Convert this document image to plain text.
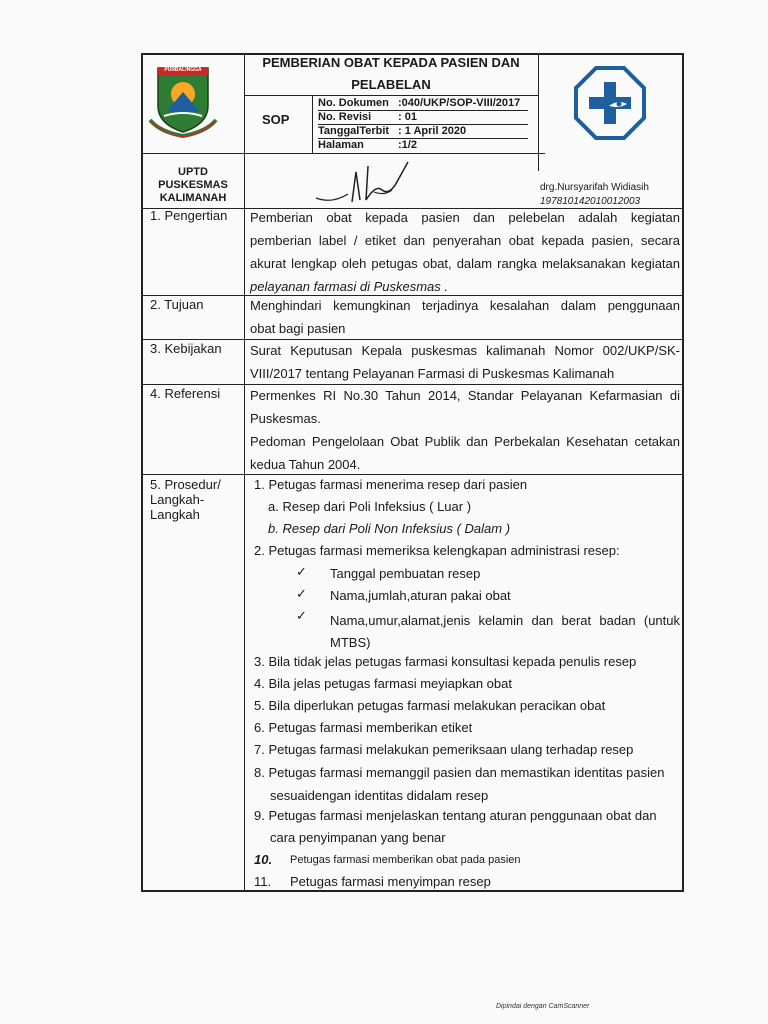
PURBALINGGA	PEMBERIAN OBAT KEPADA PASIEN DAN
PELABELAN
SOP
No. Dokumen :040/UKP/SOP-VIII/2017
No. Revisi : 01
TanggalTerbit : 1 April 2020
Halaman	:1/2
UPTD
PUSKESMAS
KALIMANAH
drg.Nursyarifah Widiasih
197810142010012003
1. Pengertian Pemberian obat kepada pasien dan pelebelan adalah kegiatan
pemberian label / etiket dan penyerahan obat kepada pasien, secara
akurat lengkap oleh petugas obat, dalam rangka melaksanakan kegiatan
pelayanan farmasi di Puskesmas .
2. Tujuan	Menghindari kemungkinan terjadinya kesalahan dalam penggunaan
obat bagi pasien
3. Kebijakan Surat Keputusan Kepala puskesmas kalimanah Nomor 002/UKP/SK-
VIII/2017 tentang Pelayanan Farmasi di Puskesmas Kalimanah
4. Referensi Permenkes RI No.30 Tahun 2014, Standar Pelayanan Kefarmasian di
Puskesmas.
Pedoman Pengelolaan Obat Publik dan Perbekalan Kesehatan cetakan
kedua Tahun 2004.
5. Prosedur/
Langkah-
Langkah
1. Petugas farmasi menerima resep dari pasien
a. Resep dari Poli Infeksius ( Luar )
b. Resep dari Poli Non Infeksius ( Dalam )
2. Petugas farmasi memeriksa kelengkapan administrasi resep:
✓ Tanggal pembuatan resep
✓ Nama,jumlah,aturan pakai obat
✓ Nama,umur,alamat,jenis kelamin dan berat badan (untuk
MTBS)
3. Bila tidak jelas petugas farmasi konsultasi kepada penulis resep
4. Bila jelas petugas farmasi meyiapkan obat
5. Bila diperlukan petugas farmasi melakukan peracikan obat
6. Petugas farmasi memberikan etiket
7. Petugas farmasi melakukan pemeriksaan ulang terhadap resep
8. Petugas farmasi memanggil pasien dan memastikan identitas pasien
sesuaidengan identitas didalam resep
9. Petugas farmasi menjelaskan tentang aturan penggunaan obat dan
cara penyimpanan yang benar
10. Petugas farmasi memberikan obat pada pasien
11. Petugas farmasi menyimpan resep
Dipindai dengan CamScanner
